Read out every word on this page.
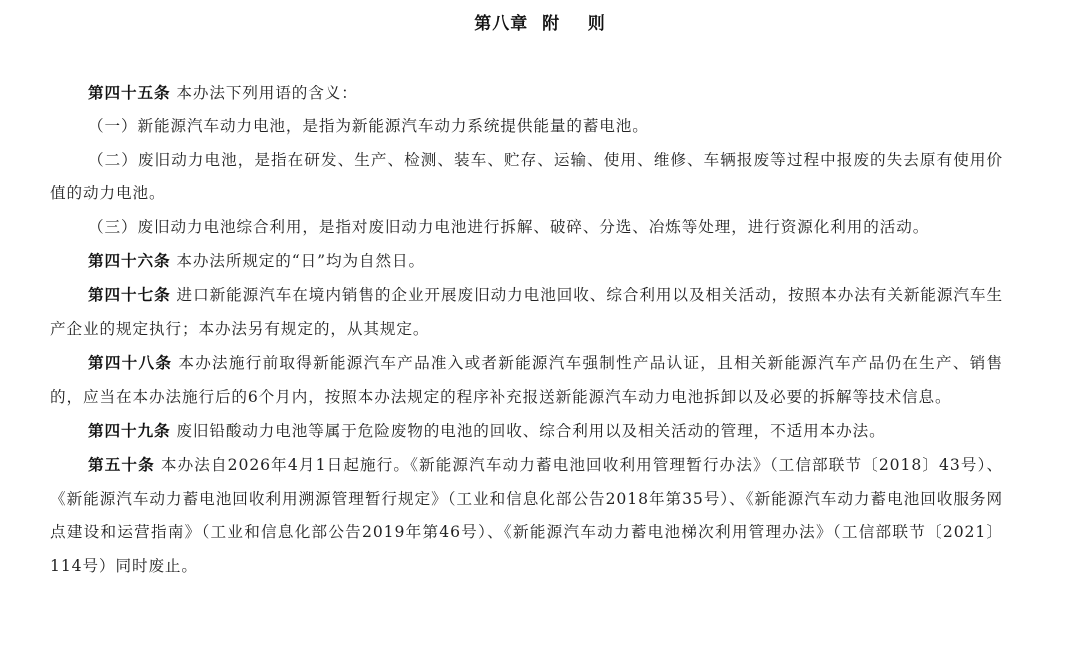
第八章  附    则

第四十五条 本办法下列用语的含义：

（一）新能源汽车动力电池，是指为新能源汽车动力系统提供能量的蓄电池。

（二）废旧动力电池，是指在研发、生产、检测、装车、贮存、运输、使用、维修、车辆报废等过程中报废的失去原有使用价值的动力电池。

（三）废旧动力电池综合利用，是指对废旧动力电池进行拆解、破碎、分选、冶炼等处理，进行资源化利用的活动。

第四十六条 本办法所规定的“日”均为自然日。

第四十七条 进口新能源汽车在境内销售的企业开展废旧动力电池回收、综合利用以及相关活动，按照本办法有关新能源汽车生产企业的规定执行；本办法另有规定的，从其规定。

第四十八条 本办法施行前取得新能源汽车产品准入或者新能源汽车强制性产品认证，且相关新能源汽车产品仍在生产、销售的，应当在本办法施行后的6个月内，按照本办法规定的程序补充报送新能源汽车动力电池拆卸以及必要的拆解等技术信息。

第四十九条 废旧铅酸动力电池等属于危险废物的电池的回收、综合利用以及相关活动的管理，不适用本办法。

第五十条 本办法自2026年4月1日起施行。《新能源汽车动力蓄电池回收利用管理暂行办法》（工信部联节〔2018〕43号）、《新能源汽车动力蓄电池回收利用溯源管理暂行规定》（工业和信息化部公告2018年第35号）、《新能源汽车动力蓄电池回收服务网点建设和运营指南》（工业和信息化部公告2019年第46号）、《新能源汽车动力蓄电池梯次利用管理办法》（工信部联节〔2021〕114号）同时废止。
